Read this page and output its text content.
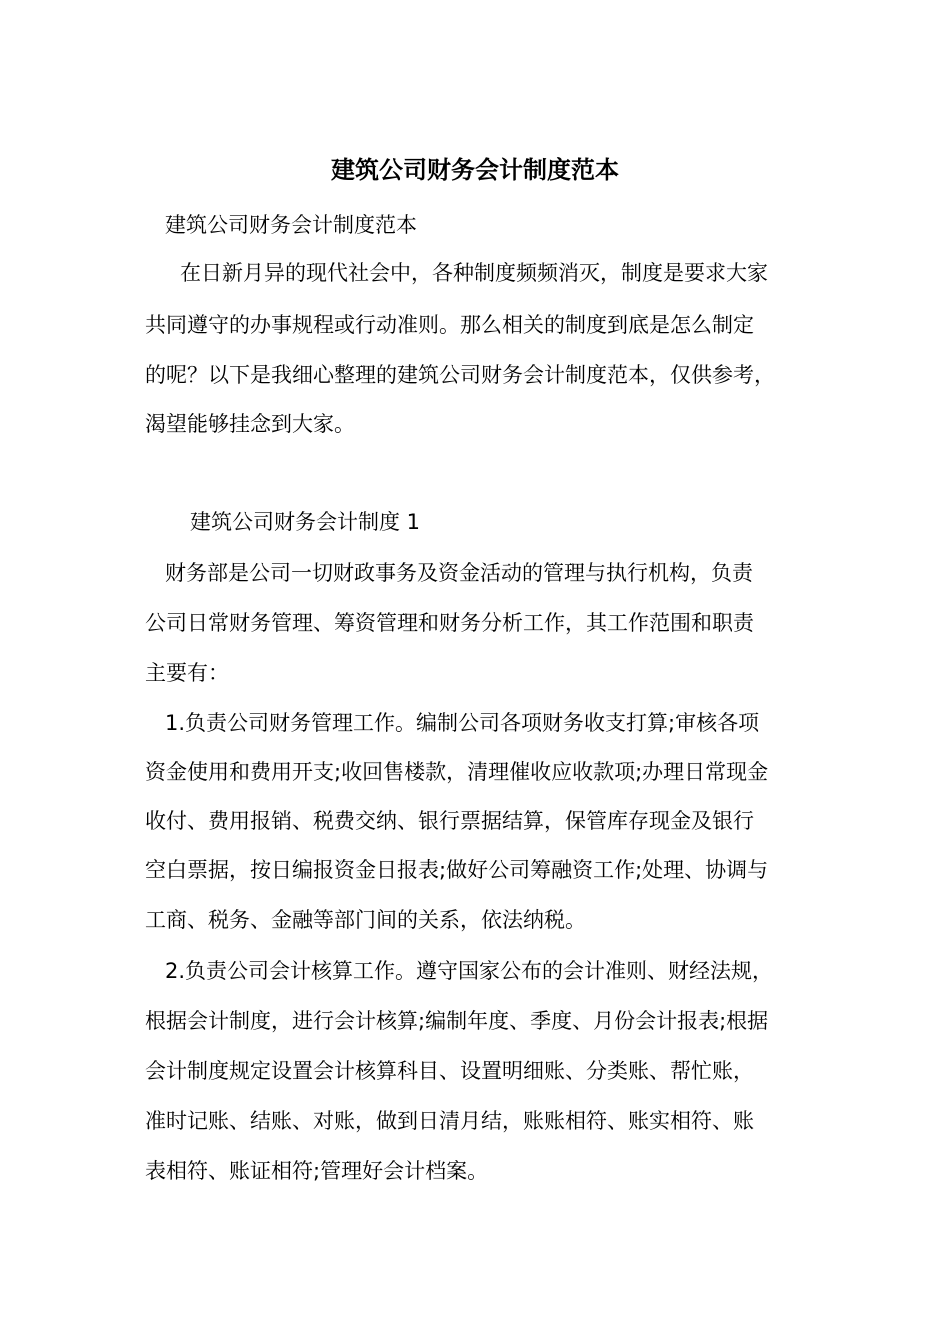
建筑公司财务会计制度范本

建筑公司财务会计制度范本

在日新月异的现代社会中，各种制度频频消灭，制度是要求大家

共同遵守的办事规程或行动准则。那么相关的制度到底是怎么制定

的呢？以下是我细心整理的建筑公司财务会计制度范本，仅供参考，

渴望能够挂念到大家。

建筑公司财务会计制度 1

财务部是公司一切财政事务及资金活动的管理与执行机构，负责

公司日常财务管理、筹资管理和财务分析工作，其工作范围和职责

主要有：

1.负责公司财务管理工作。编制公司各项财务收支打算;审核各项

资金使用和费用开支;收回售楼款，清理催收应收款项;办理日常现金

收付、费用报销、税费交纳、银行票据结算，保管库存现金及银行

空白票据，按日编报资金日报表;做好公司筹融资工作;处理、协调与

工商、税务、金融等部门间的关系，依法纳税。

2.负责公司会计核算工作。遵守国家公布的会计准则、财经法规，

根据会计制度，进行会计核算;编制年度、季度、月份会计报表;根据

会计制度规定设置会计核算科目、设置明细账、分类账、帮忙账，

准时记账、结账、对账，做到日清月结，账账相符、账实相符、账

表相符、账证相符;管理好会计档案。
